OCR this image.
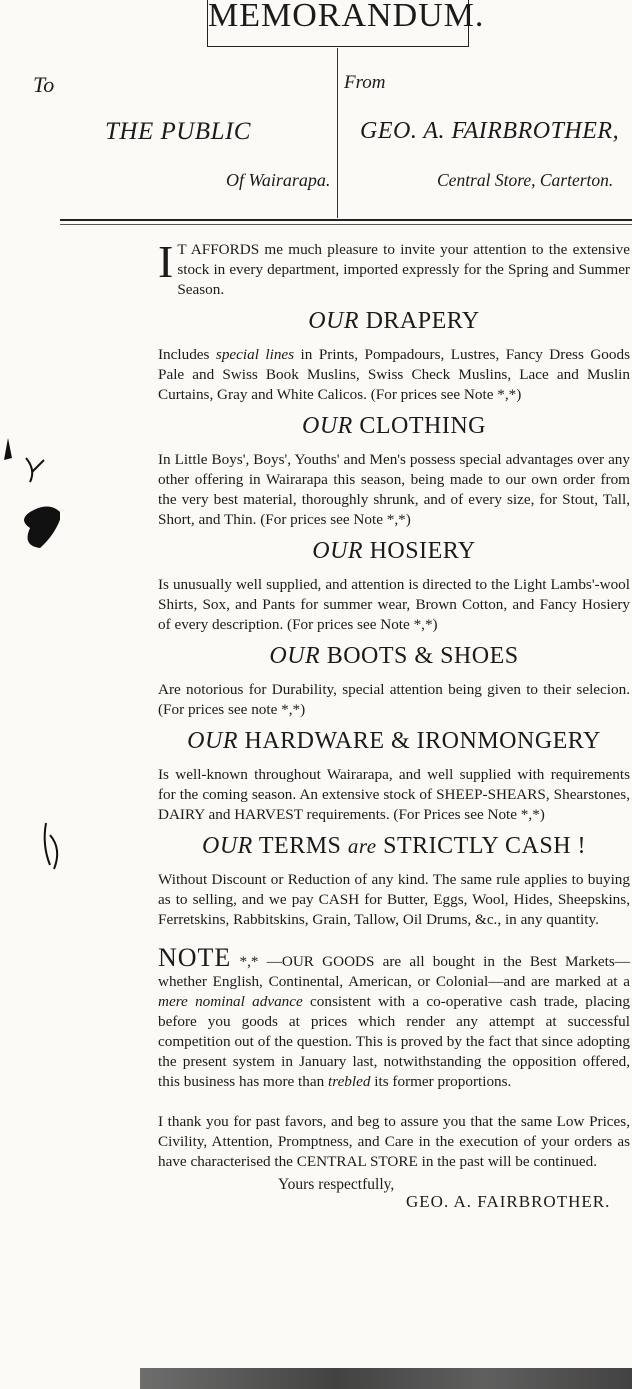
MEMORANDUM.
To	From
THE PUBLIC
Of Wairarapa.
GEO. A. FAIRBROTHER,
Central Store, Carterton.

I T AFFORDS me much pleasure to invite your attention to the extensive stock in every department, imported expressly for the Spring and Summer Season.

OUR DRAPERY

Includes special lines in Prints, Pompadours, Lustres, Fancy Dress Goods Pale and Swiss Book Muslins, Swiss Check Muslins, Lace and Muslin Curtains, Gray and White Calicos. (For prices see Note *,*)

OUR CLOTHING

In Little Boys', Boys', Youths' and Men's possess special advantages over any other offering in Wairarapa this season, being made to our own order from the very best material, thoroughly shrunk, and of every size, for Stout, Tall, Short, and Thin. (For prices see Note *,*)

OUR HOSIERY

Is unusually well supplied, and attention is directed to the Light Lambs'-wool Shirts, Sox, and Pants for summer wear, Brown Cotton, and Fancy Hosiery of every description. (For prices see Note *,*)

OUR BOOTS & SHOES

Are notorious for Durability, special attention being given to their selecion. (For prices see note *,*)

OUR HARDWARE & IRONMONGERY

Is well-known throughout Wairarapa, and well supplied with requirements for the coming season. An extensive stock of SHEEP-SHEARS, Shearstones, DAIRY and HARVEST requirements. (For Prices see Note *,*)

OUR TERMS are STRICTLY CASH !

Without Discount or Reduction of any kind. The same rule applies to buying as to selling, and we pay CASH for Butter, Eggs, Wool, Hides, Sheepskins, Ferretskins, Rabbitskins, Grain, Tallow, Oil Drums, &c., in any quantity.

NOTE *,* —OUR GOODS are all bought in the Best Markets—whether English, Continental, American, or Colonial—and are marked at a mere nominal advance consistent with a co-operative cash trade, placing before you goods at prices which render any attempt at successful competition out of the question. This is proved by the fact that since adopting the present system in January last, notwithstanding the opposition offered, this business has more than trebled its former proportions.

I thank you for past favors, and beg to assure you that the same Low Prices, Civility, Attention, Promptness, and Care in the execution of your orders as have characterised the CENTRAL STORE in the past will be continued.

Yours respectfully,
GEO. A. FAIRBROTHER.
